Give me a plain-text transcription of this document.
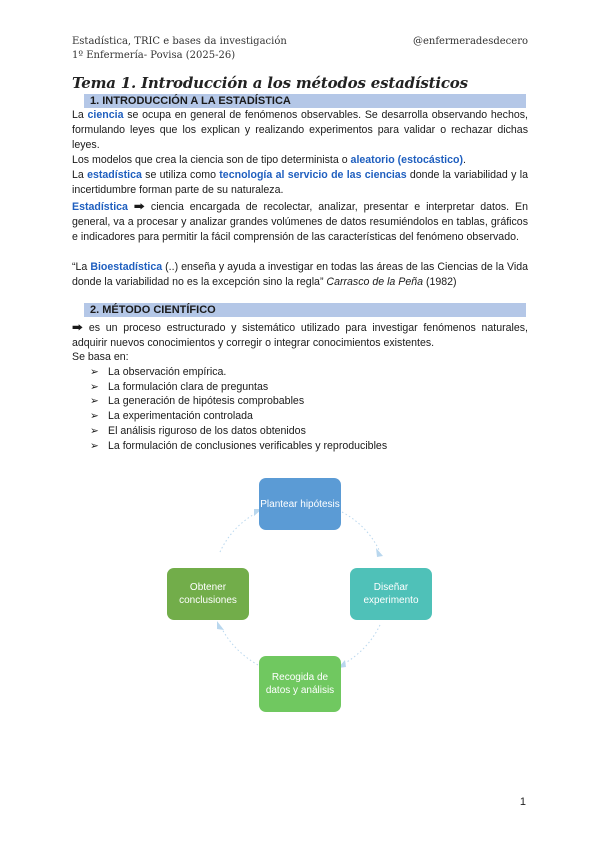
Estadística, TRIC e bases da investigación
1º Enfermería- Povisa (2025-26)
@enfermeradesdecero
Tema 1. Introducción a los métodos estadísticos
1. INTRODUCCIÓN A LA ESTADÍSTICA
La ciencia se ocupa en general de fenómenos observables. Se desarrolla observando hechos, formulando leyes que los explican y realizando experimentos para validar o rechazar dichas leyes.
Los modelos que crea la ciencia son de tipo determinista o aleatorio (estocástico).
La estadística se utiliza como tecnología al servicio de las ciencias donde la variabilidad y la incertidumbre forman parte de su naturaleza.
Estadística 🠲 ciencia encargada de recolectar, analizar, presentar e interpretar datos. En general, va a procesar y analizar grandes volúmenes de datos resumiéndolos en tablas, gráficos e indicadores para permitir la fácil comprensión de las características del fenómeno observado.
“La Bioestadística (..) enseña y ayuda a investigar en todas las áreas de las Ciencias de la Vida donde la variabilidad no es la excepción sino la regla” Carrasco de la Peña (1982)
2. MÉTODO CIENTÍFICO
🠲 es un proceso estructurado y sistemático utilizado para investigar fenómenos naturales, adquirir nuevos conocimientos y corregir o integrar conocimientos existentes.
Se basa en:
➢ La observación empírica.
➢ La formulación clara de preguntas
➢ La generación de hipótesis comprobables
➢ La experimentación controlada
➢ El análisis riguroso de los datos obtenidos
➢ La formulación de conclusiones verificables y reproducibles
Plantear hipótesis
Diseñar experimento
Recogida de datos y análisis
Obtener conclusiones
1
